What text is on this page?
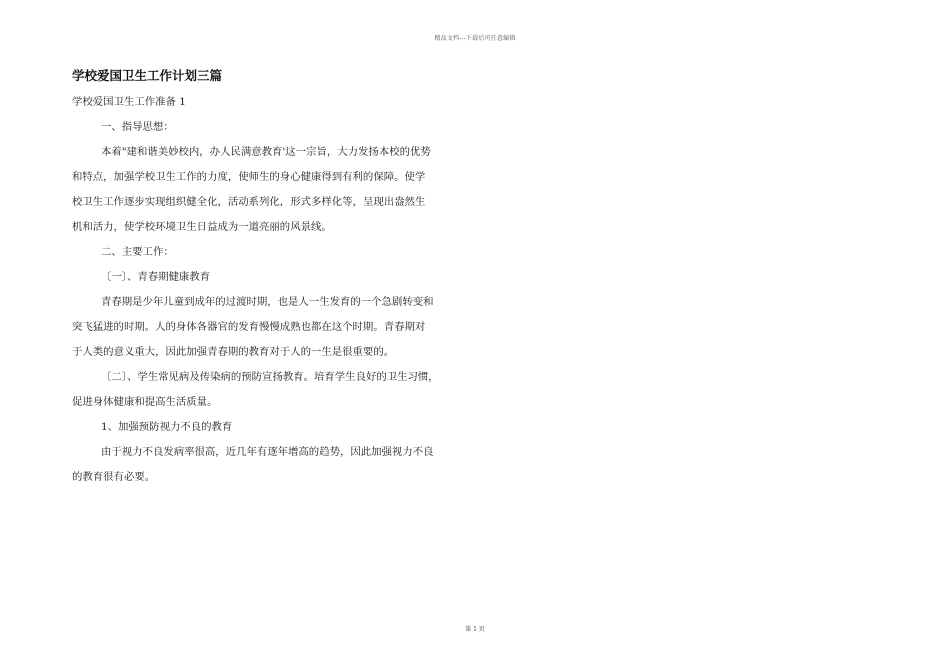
精品文档---下载后可任意编辑
学校爱国卫生工作计划三篇
学校爱国卫生工作准备 1
一、指导思想：
本着"建和谐美妙校内，办人民满意教育'这一宗旨，大力发扬本校的优势
和特点，加强学校卫生工作的力度，使师生的身心健康得到有利的保障。使学
校卫生工作逐步实现组织健全化，活动系列化，形式多样化等，呈现出盎然生
机和活力，使学校环境卫生日益成为一道亮丽的风景线。
二、主要工作：
〔一〕、青春期健康教育
青春期是少年儿童到成年的过渡时期，也是人一生发育的一个急剧转变和
突飞猛进的时期。人的身体各器官的发育慢慢成熟也都在这个时期。青春期对
于人类的意义重大，因此加强青春期的教育对于人的一生是很重要的。
〔二〕、学生常见病及传染病的预防宣扬教育。培育学生良好的卫生习惯，
促进身体健康和提高生活质量。
1、加强预防视力不良的教育
由于视力不良发病率很高，近几年有逐年增高的趋势，因此加强视力不良
的教育很有必要。
第 1 页
